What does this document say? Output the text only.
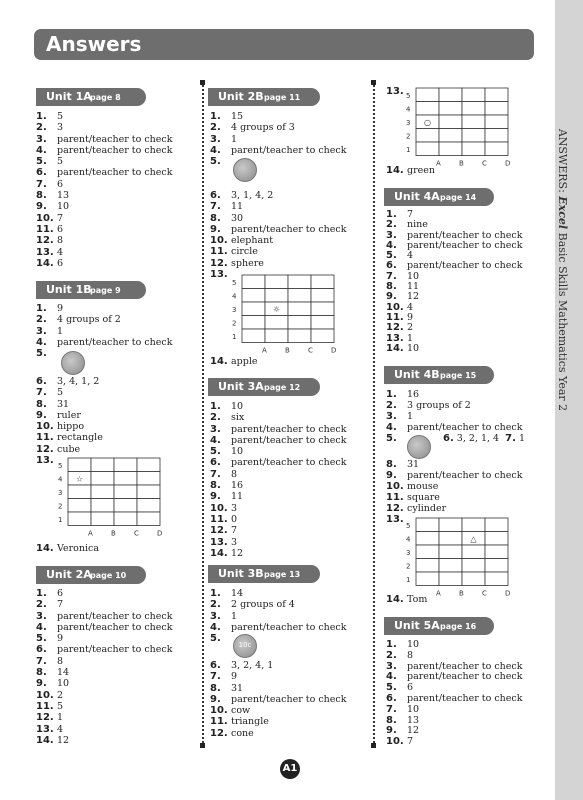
ANSWERS: Excel Basic Skills Mathematics Year 2
Answers
Unit 1A
page 8
Unit 1B
page 9
Unit 2A
page 10
Unit 2B page 11
Unit 3A page 12
Unit 3B page 13
Unit 4A page 14
Unit 4B page 15
Unit 5A page 16
1. 5
2. 3
3. parent/teacher to check
4. parent/teacher to check
5. 5
6. parent/teacher to check
7. 6
8. 13
9. 10
10. 7
11. 6
12. 8
13. 4
14. 6
1. 9
2. 4 groups of 2
3. 1
4. parent/teacher to check
5.
6. 3, 4, 1, 2
7. 5
8. 31
9. ruler
10. hippo
11. rectangle
12. cube
13.
14. Veronica
1. 6
2. 7
3. parent/teacher to check
4. parent/teacher to check
5. 9
6. parent/teacher to check
7. 8
8. 14
9. 10
10. 2
11. 5
12. 1
13. 4
14. 12
1. 15
2. 4 groups of 3
3. 1
4. parent/teacher to check
5.
6. 3, 1, 4, 2
7. 11
8. 30
9. parent/teacher to check
10. elephant
11. circle
12. sphere
13.
14. apple
1. 10
2. six
3. parent/teacher to check
4. parent/teacher to check
5. 10
6. parent/teacher to check
7. 8
8. 16
9. 11
10. 3
11. 0
12. 7
13. 3
14. 12
1. 14
2. 2 groups of 4
3. 1
4. parent/teacher to check
5.
6. 3, 2, 4, 1
7. 9
8. 31
9. parent/teacher to check
10. cow
11. triangle
12. cone
13.
14. green
1. 7
2. nine
3. parent/teacher to check
4. parent/teacher to check
5. 4
6. parent/teacher to check
7. 10
8. 11
9. 12
10. 4
11. 9
12. 2
13. 1
14. 10
1. 16
2. 3 groups of 2
3. 1
4. parent/teacher to check
5.	6. 3, 2, 1, 4 7. 1
8. 31
9. parent/teacher to check
10. mouse
11. square
12. cylinder
13.
14. Tom
1. 10
2. 8
3. parent/teacher to check
4. parent/teacher to check
5. 6
6. parent/teacher to check
7. 10
8. 13
9. 12
10. 7
10c
5
4
3
2
1
A	B	C	D
☆
5
4
3
2
1
A	B	C	D
☼
5
4
3
2
1
A	B	C	D
○
5
4
3
2
1
A	B	C	D
△
A1
